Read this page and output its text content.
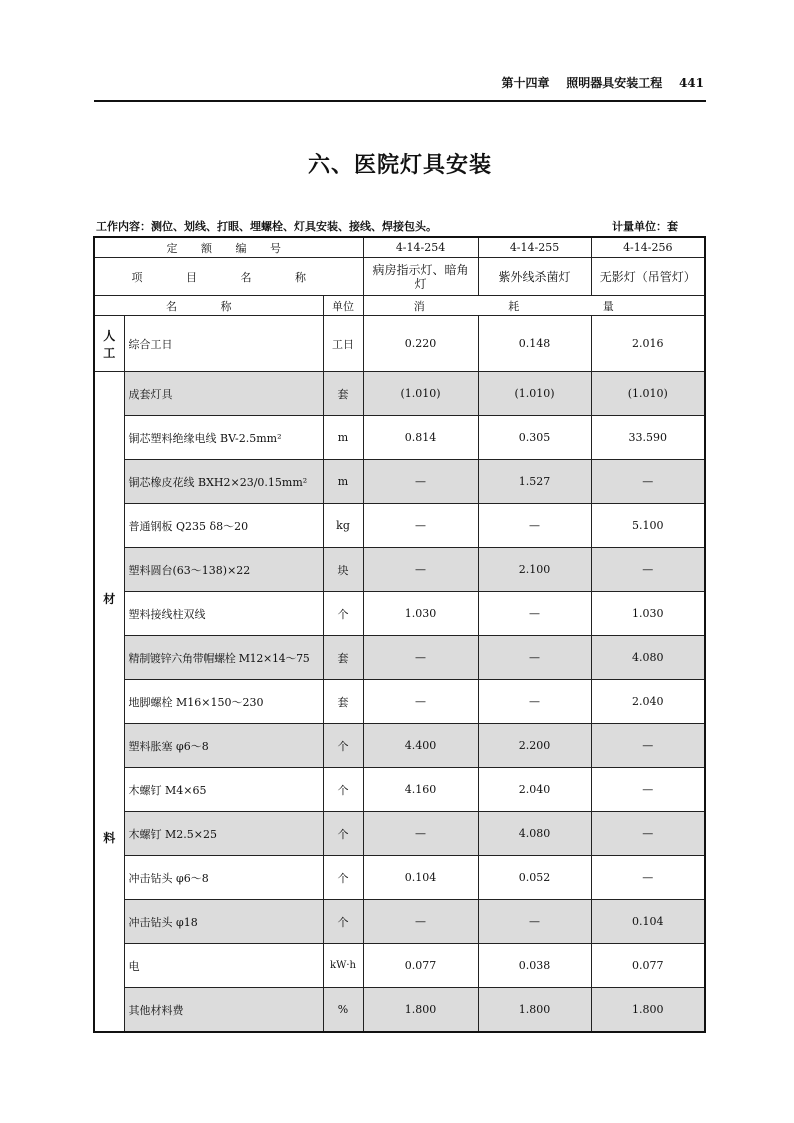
第十四章 照明器具安装工程 441
六、医院灯具安装
工作内容：测位、划线、打眼、埋螺栓、灯具安装、接线、焊接包头。	计量单位：套
定 额 编 号			4-14-254	4-14-255	4-14-256
项 目 名 称			病房指示灯、暗角灯	紫外线杀菌灯	无影灯（吊管灯）
名 称		单位	消 耗 量		

人
工	综合工日	工日	0.220	0.148	2.016

材
料	成套灯具	套	(1.010)	(1.010)	(1.010)
	铜芯塑料绝缘电线 BV-2.5mm²	m	0.814	0.305	33.590
	铜芯橡皮花线 BXH2×23/0.15mm²	m	—	1.527	—
	普通钢板 Q235 δ8～20	kg	—	—	5.100
	塑料圆台(63～138)×22	块	—	2.100	—
	塑料接线柱双线	个	1.030	—	1.030
	精制镀锌六角带帽螺栓 M12×14～75	套	—	—	4.080
	地脚螺栓 M16×150～230	套	—	—	2.040
	塑料胀塞 φ6～8	个	4.400	2.200	—
	木螺钉 M4×65	个	4.160	2.040	—
	木螺钉 M2.5×25	个	—	4.080	—
	冲击钻头 φ6～8	个	0.104	0.052	—
	冲击钻头 φ18	个	—	—	0.104
	电	kW·h	0.077	0.038	0.077
	其他材料费	%	1.800	1.800	1.800
